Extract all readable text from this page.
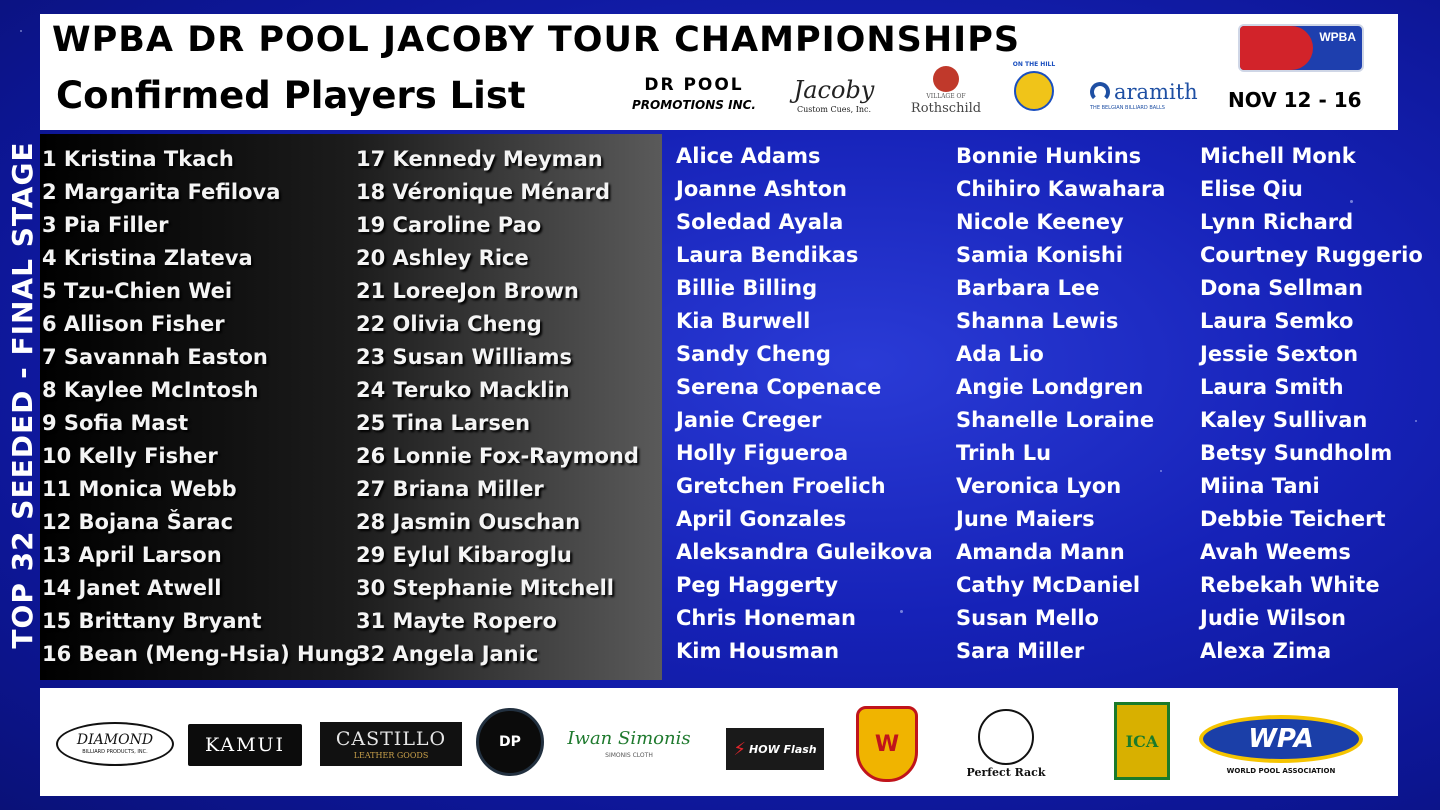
WPBA DR POOL JACOBY TOUR CHAMPIONSHIPS
Confirmed Players List	DR POOL
PROMOTIONS INC.
Jacoby
Custom Cues, Inc.
VILLAGE OF
Rothschild
ON THE HILL
aramith
THE BELGIAN BILLIARD BALLS	NOV 12 - 16
WPBA
TOP 32 SEEDED - FINAL STAGE 1 Kristina Tkach
2 Margarita Fefilova
3 Pia Filler
4 Kristina Zlateva
5 Tzu-Chien Wei
6 Allison Fisher
7 Savannah Easton
8 Kaylee McIntosh
9 Sofia Mast
10 Kelly Fisher
11 Monica Webb
12 Bojana Šarac
13 April Larson
14 Janet Atwell
15 Brittany Bryant
16 Bean (Meng-Hsia) Hung
17 Kennedy Meyman
18 Véronique Ménard
19 Caroline Pao
20 Ashley Rice
21 LoreeJon Brown
22 Olivia Cheng
23 Susan Williams
24 Teruko Macklin
25 Tina Larsen
26 Lonnie Fox-Raymond
27 Briana Miller
28 Jasmin Ouschan
29 Eylul Kibaroglu
30 Stephanie Mitchell
31 Mayte Ropero
32 Angela Janic
Alice Adams
Joanne Ashton
Soledad Ayala
Laura Bendikas
Billie Billing
Kia Burwell
Sandy Cheng
Serena Copenace
Janie Creger
Holly Figueroa
Gretchen Froelich
April Gonzales
Aleksandra Guleikova
Peg Haggerty
Chris Honeman
Kim Housman
Bonnie Hunkins
Chihiro Kawahara
Nicole Keeney
Samia Konishi
Barbara Lee
Shanna Lewis
Ada Lio
Angie Londgren
Shanelle Loraine
Trinh Lu
Veronica Lyon
June Maiers
Amanda Mann
Cathy McDaniel
Susan Mello
Sara Miller
Michell Monk
Elise Qiu
Lynn Richard
Courtney Ruggerio
Dona Sellman
Laura Semko
Jessie Sexton
Laura Smith
Kaley Sullivan
Betsy Sundholm
Miina Tani
Debbie Teichert
Avah Weems
Rebekah White
Judie Wilson
Alexa Zima
DIAMOND
BILLIARD PRODUCTS, INC.	KAMUI	CASTILLO
LEATHER GOODS
DP	Iwan Simonis
SIMONIS CLOTH	⚡ HOW Flash	W
Perfect Rack
ICA	WPA
WORLD POOL ASSOCIATION
